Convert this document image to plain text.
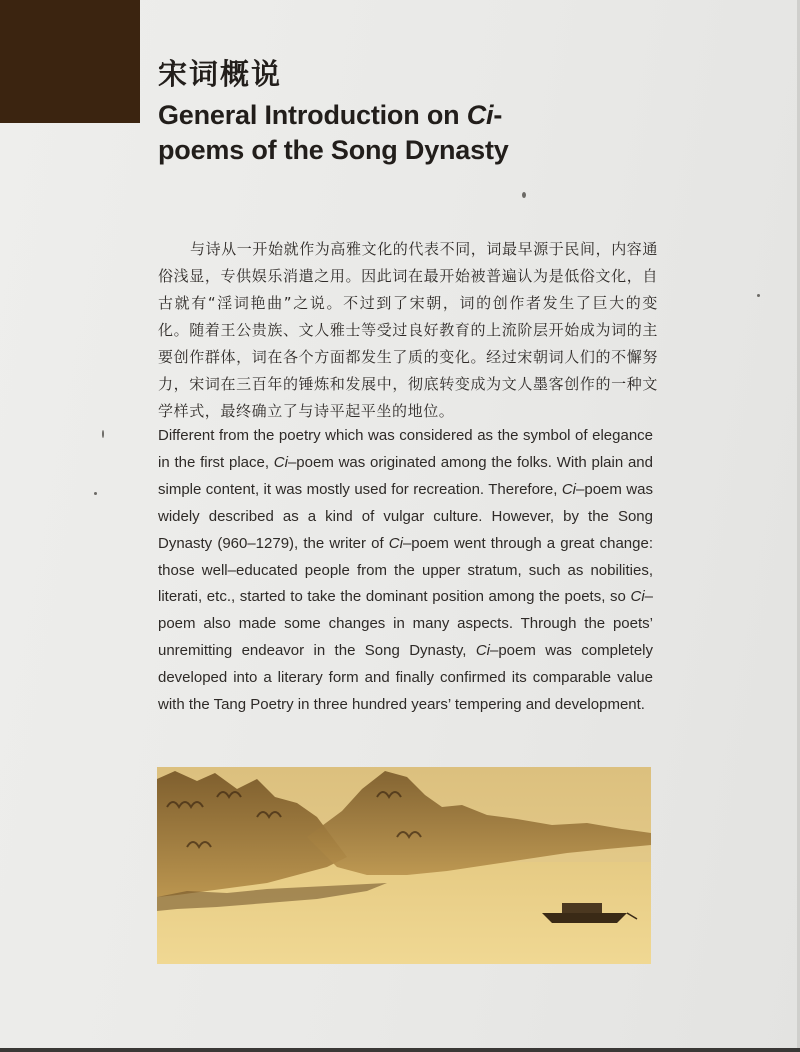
宋词概说
General Introduction on Ci-
poems of the Song Dynasty

与诗从一开始就作为高雅文化的代表不同，词最早源于民间，内容通俗浅显，专供娱乐消遣之用。因此词在最开始被普遍认为是低俗文化，自古就有“淫词艳曲”之说。不过到了宋朝，词的创作者发生了巨大的变化。随着王公贵族、文人雅士等受过良好教育的上流阶层开始成为词的主要创作群体，词在各个方面都发生了质的变化。经过宋朝词人们的不懈努力，宋词在三百年的锤炼和发展中，彻底转变成为文人墨客创作的一种文学样式，最终确立了与诗平起平坐的地位。

Different from the poetry which was considered as the symbol of elegance in the first place, Ci–poem was originated among the folks. With plain and simple content, it was mostly used for recreation. Therefore, Ci–poem was widely described as a kind of vulgar culture. However, by the Song Dynasty (960–1279), the writer of Ci–poem went through a great change: those well–educated people from the upper stratum, such as nobilities, literati, etc., started to take the dominant position among the poets, so Ci–poem also made some changes in many aspects. Through the poets’ unremitting endeavor in the Song Dynasty, Ci–poem was completely developed into a literary form and finally confirmed its comparable value with the Tang Poetry in three hundred years’ tempering and development.
